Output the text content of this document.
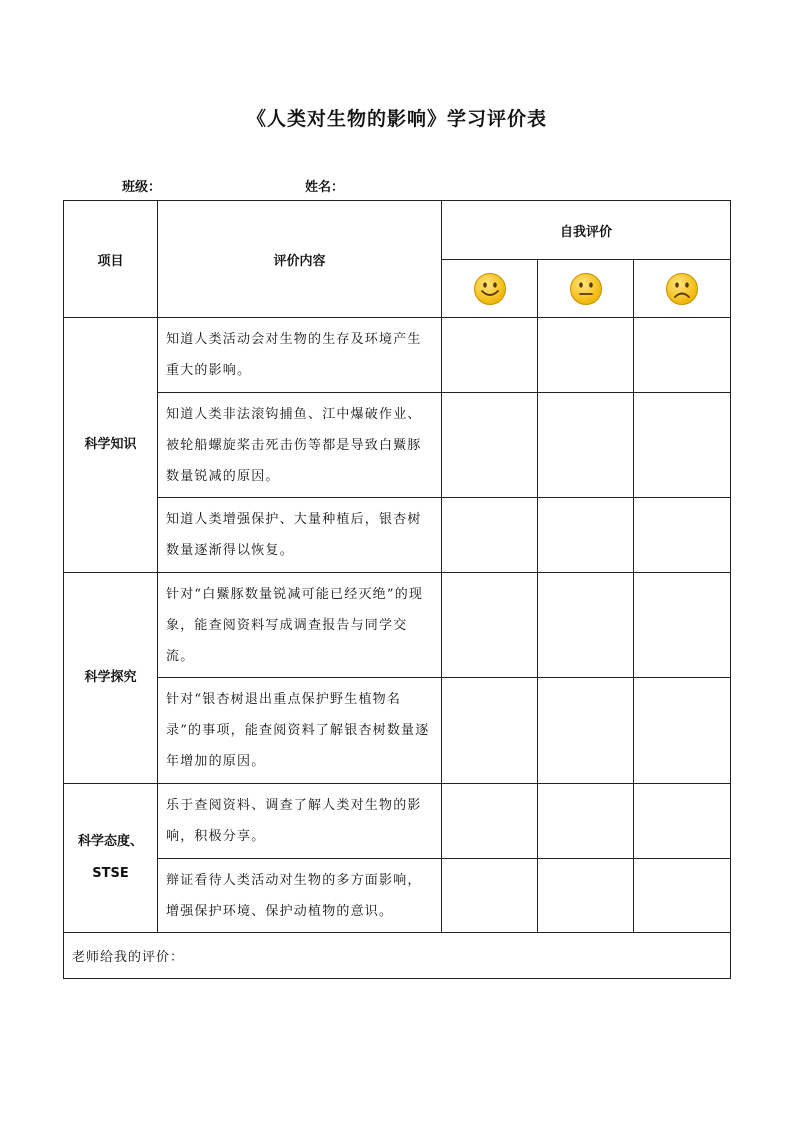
《人类对生物的影响》学习评价表
班级：	姓名：
项目	评价内容	自我评价		

科学知识	知道人类活动会对生物的生存及环境产生重大的影响。			
	知道人类非法滚钩捕鱼、江中爆破作业、被轮船螺旋桨击死击伤等都是导致白鱀豚数量锐减的原因。			
	知道人类增强保护、大量种植后，银杏树数量逐渐得以恢复。			
科学探究	针对“白鱀豚数量锐减可能已经灭绝”的现象，能查阅资料写成调查报告与同学交流。			
	针对“银杏树退出重点保护野生植物名录”的事项，能查阅资料了解银杏树数量逐年增加的原因。			

科学态度、
STSE	乐于查阅资料、调查了解人类对生物的影响，积极分享。			
	辩证看待人类活动对生物的多方面影响，增强保护环境、保护动植物的意识。			
老师给我的评价：				
